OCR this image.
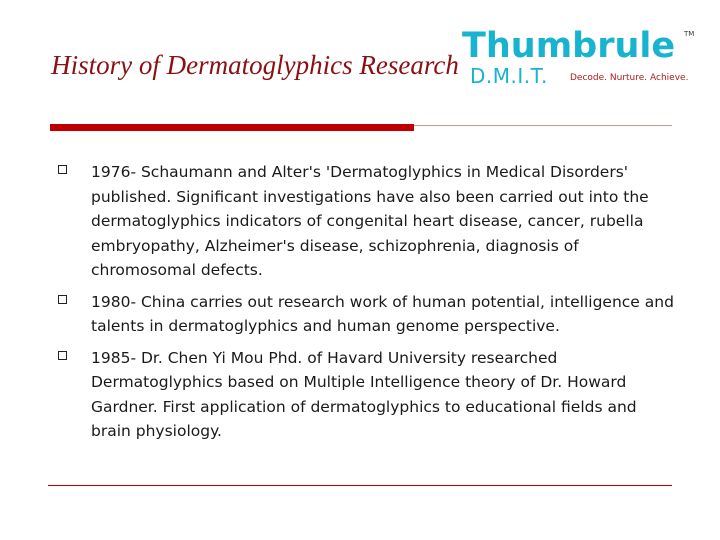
History of Dermatoglyphics Research Thumbrule TM
D.M.I.T. Decode. Nurture. Achieve.
1976- Schaumann and Alter's 'Dermatoglyphics in Medical Disorders' published. Significant investigations have also been carried out into the dermatoglyphics indicators of congenital heart disease, cancer, rubella embryopathy, Alzheimer's disease, schizophrenia, diagnosis of chromosomal defects.
1980- China carries out research work of human potential, intelligence and talents in dermatoglyphics and human genome perspective.
1985- Dr. Chen Yi Mou Phd. of Havard University researched Dermatoglyphics based on Multiple Intelligence theory of Dr. Howard Gardner. First application of dermatoglyphics to educational fields and brain physiology.
